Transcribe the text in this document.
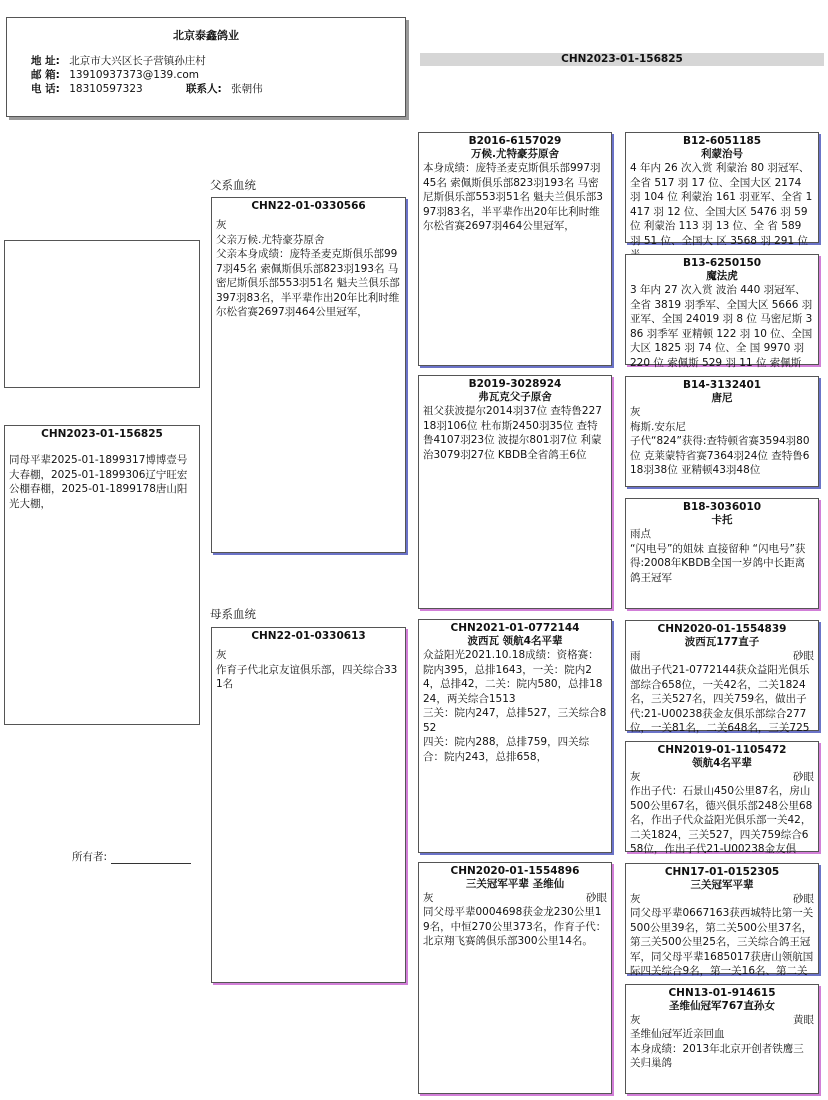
北京泰鑫鸽业
地 址: 北京市大兴区长子营镇孙庄村
邮 箱: 13910937373@139.com
电 话: 18310597323	联系人: 张朝伟
CHN2023-01-156825
CHN2023-01-156825
同母平辈2025-01-1899317博博壹号大春棚，2025-01-1899306辽宁旺宏公棚春棚，2025-01-1899178唐山阳光大棚，
父系血统
母系血统
所有者:
CHN22-01-0330566
灰
父亲万候.尤特豪芬原舍
父亲本身成绩：庞特圣麦克斯俱乐部997羽45名 索佩斯俱乐部823羽193名 马密尼斯俱乐部553羽51名 魁夫兰俱乐部397羽83名，半平辈作出20年比利时维尔松省赛2697羽464公里冠军，
CHN22-01-0330613
灰
作育子代北京友谊俱乐部，四关综合331名
B2016-6157029
万候.尤特豪芬原舍
本身成绩：庞特圣麦克斯俱乐部997羽45名 索佩斯俱乐部823羽193名 马密尼斯俱乐部553羽51名 魁夫兰俱乐部397羽83名，半平辈作出20年比利时维尔松省赛2697羽464公里冠军，
B2019-3028924
弗瓦克父子原舍
祖父获波提尔2014羽37位 查特鲁22718羽106位 杜布斯2450羽35位 查特鲁4107羽23位 波提尔801羽7位 利蒙治3079羽27位 KBDB全省鸽王6位
CHN2021-01-0772144
波西瓦 领航4名平辈
众益阳光2021.10.18成绩：资格赛：院内395，总排1643，一关：院内24，总排42，二关：院内580，总排1824，两关综合1513
三关：院内247，总排527，三关综合852
四关：院内288，总排759，四关综合：院内243，总排658，
CHN2020-01-1554896
三关冠军平辈 圣维仙
灰	砂眼
同父母平辈0004698获金龙230公里19名，中恒270公里373名，作育子代：北京翔飞赛鸽俱乐部300公里14名。
B12-6051185
利蒙治号
4 年内 26 次入赏 利蒙治 80 羽冠军、全省 517 羽 17 位、全国大区 2174 羽 104 位 利蒙治 161 羽亚军、全省 1417 羽 12 位、全国大区 5476 羽 59 位 利蒙治 113 羽 13 位、全 省 589 羽 51 位、全国大 区 3568 羽 291 位
B13-6250150
魔法虎
3 年内 27 次入赏 波治 440 羽冠军、全省 3819 羽季军、全国大区 5666 羽亚军、全国 24019 羽 8 位 马密尼斯 386 羽季军 亚精顿 122 羽 10 位、全国大区 1825 羽 74 位、全 国 9970 羽 220 位 索佩斯 529 羽 11 位 索佩斯
B14-3132401
唐尼
灰
梅斯.安东尼
子代“824”获得:查特顿省赛3594羽80位 克莱蒙特省赛7364羽24位 查特鲁618羽38位 亚精顿43羽48位
B18-3036010
卡托
雨点
“闪电号”的姐妹 直接留种 “闪电号”获得:2008年KBDB全国一岁鸽中长距离鸽王冠军
CHN2020-01-1554839
波西瓦177直子
雨	砂眼
做出子代21-0772144获众益阳光俱乐部综合658位，一关42名，二关1824名，三关527名，四关759名，做出子代:21-U00238获金友俱乐部综合277位，一关81名，二关648名，三关725
CHN2019-01-1105472
领航4名平辈
灰	砂眼
作出子代：石景山450公里87名，房山500公里67名，德兴俱乐部248公里68名，作出子代众益阳光俱乐部一关42，二关1824，三关527，四关759综合658位，作出子代21-U00238金友俱
CHN17-01-0152305
三关冠军平辈
灰	砂眼
同父母平辈0667163获西城特比第一关500公里39名，第二关500公里37名，第三关500公里25名，三关综合鸽王冠军，同父母平辈1685017获唐山领航国际四关综合9名，第一关16名、第二关
CHN13-01-914615
圣维仙冠军767直孙女
灰	黄眼
圣维仙冠军近亲回血
本身成绩：2013年北京开创者铁鹰三关归巢鸽
